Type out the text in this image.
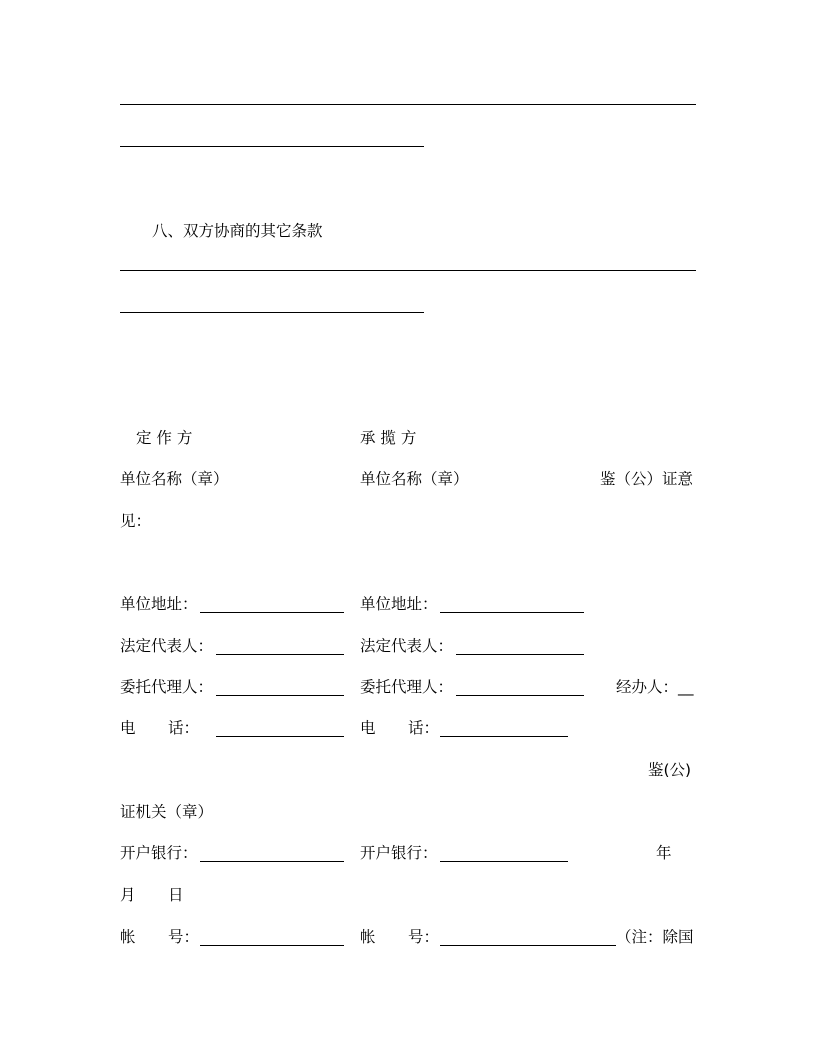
八、双方协商的其它条款
定 作 方	承 揽 方
单位名称（章）	单位名称（章）	鉴（公）证意
见：
单位地址：	单位地址：
法定代表人：	法定代表人：
委托代理人：	委托代理人：	经办人：__
电 话：	电 话：
鉴(公)
证机关（章）
开户银行：	开户银行：	年
月 日
帐 号：	帐 号：	（注：除国
